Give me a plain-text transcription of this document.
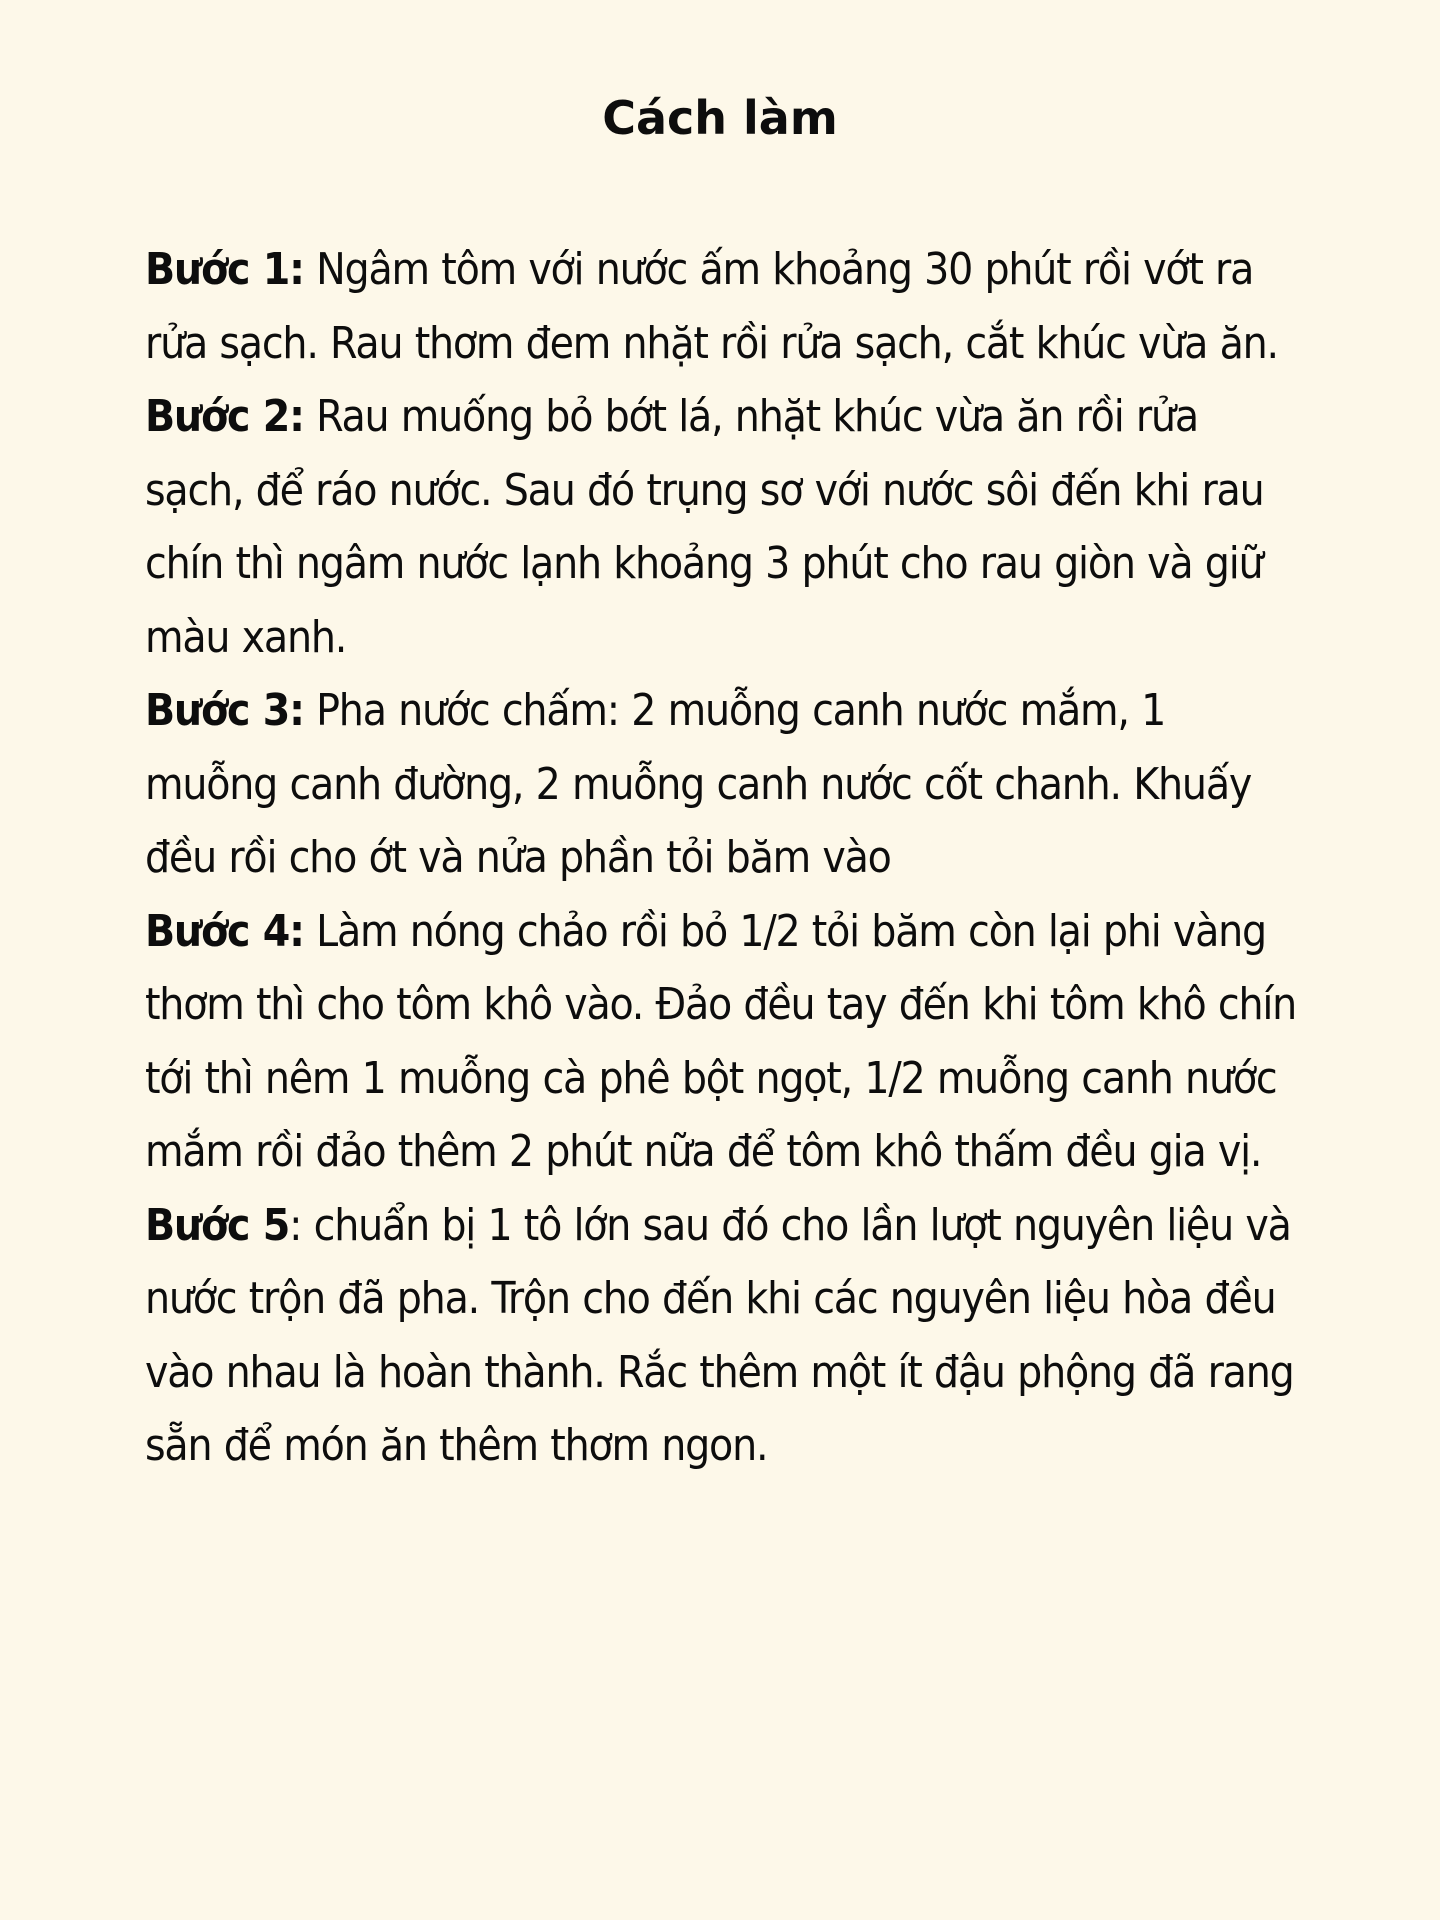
Cách làm

Bước 1: Ngâm tôm với nước ấm khoảng 30 phút rồi vớt ra rửa sạch. Rau thơm đem nhặt rồi rửa sạch, cắt khúc vừa ăn.

Bước 2: Rau muống bỏ bớt lá, nhặt khúc vừa ăn rồi rửa sạch, để ráo nước. Sau đó trụng sơ với nước sôi đến khi rau chín thì ngâm nước lạnh khoảng 3 phút cho rau giòn và giữ màu xanh.

Bước 3: Pha nước chấm: 2 muỗng canh nước mắm, 1 muỗng canh đường, 2 muỗng canh nước cốt chanh. Khuấy đều rồi cho ớt và nửa phần tỏi băm vào

Bước 4: Làm nóng chảo rồi bỏ 1/2 tỏi băm còn lại phi vàng thơm thì cho tôm khô vào. Đảo đều tay đến khi tôm khô chín tới thì nêm 1 muỗng cà phê bột ngọt, 1/2 muỗng canh nước mắm rồi đảo thêm 2 phút nữa để tôm khô thấm đều gia vị.

Bước 5: chuẩn bị 1 tô lớn sau đó cho lần lượt nguyên liệu và nước trộn đã pha. Trộn cho đến khi các nguyên liệu hòa đều vào nhau là hoàn thành. Rắc thêm một ít đậu phộng đã rang sẵn để món ăn thêm thơm ngon.
